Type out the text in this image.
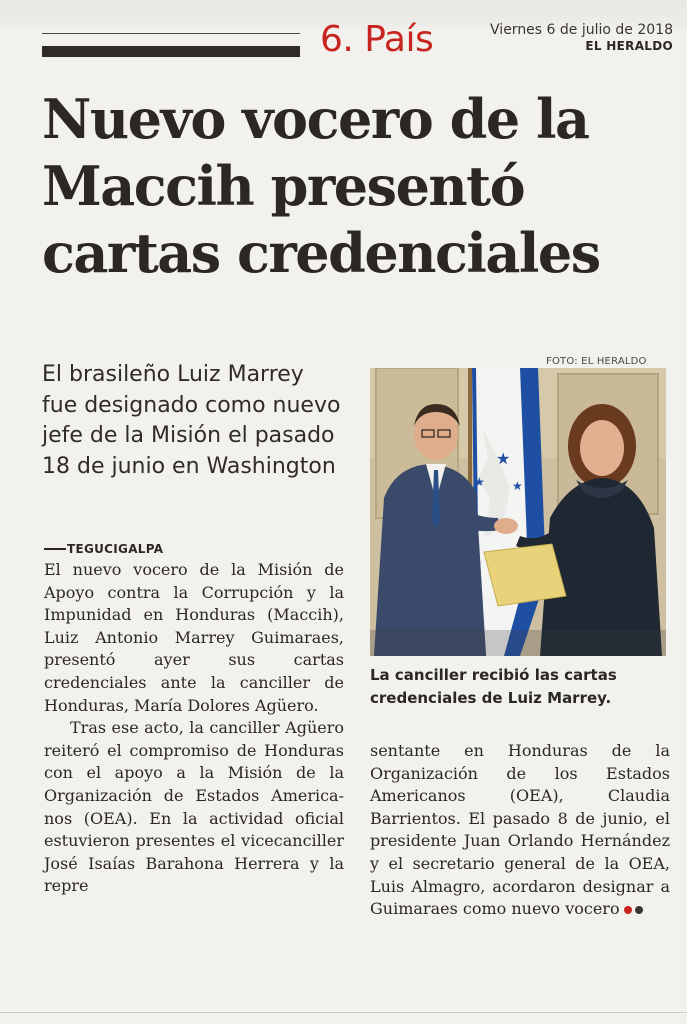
6. País	Viernes 6 de julio de 2018
EL HERALDO
Nuevo vocero de la Maccih presentó cartas credenciales

El brasileño Luiz Marrey fue designado como nuevo jefe de la Misión el pasado 18 de junio en Washington

FOTO: EL HERALDO
★
★ ★

La canciller recibió las cartas credenciales de Luiz Marrey.

TEGUCIGALPA

El nuevo vocero de la Misión de Apoyo contra la Corrupción y la Impunidad en Honduras (Maccih), Luiz Antonio Marrey Guimaraes, presentó ayer sus cartas credenciales ante la canciller de Honduras, María Dolores Agüero.

Tras ese acto, la canciller Agüero reiteró el compromiso de Honduras con el apoyo a la Misión de la Organización de Estados Americanos (OEA). En la actividad oficial estuvieron presentes el vicecanciller José Isaías Barahona Herrera y la repre

sentante en Honduras de la Organización de los Estados Americanos (OEA), Claudia Barrientos. El pasado 8 de junio, el presidente Juan Orlando Hernández y el secretario general de la OEA, Luis Almagro, acordaron designar a Guimaraes como nuevo vocero
